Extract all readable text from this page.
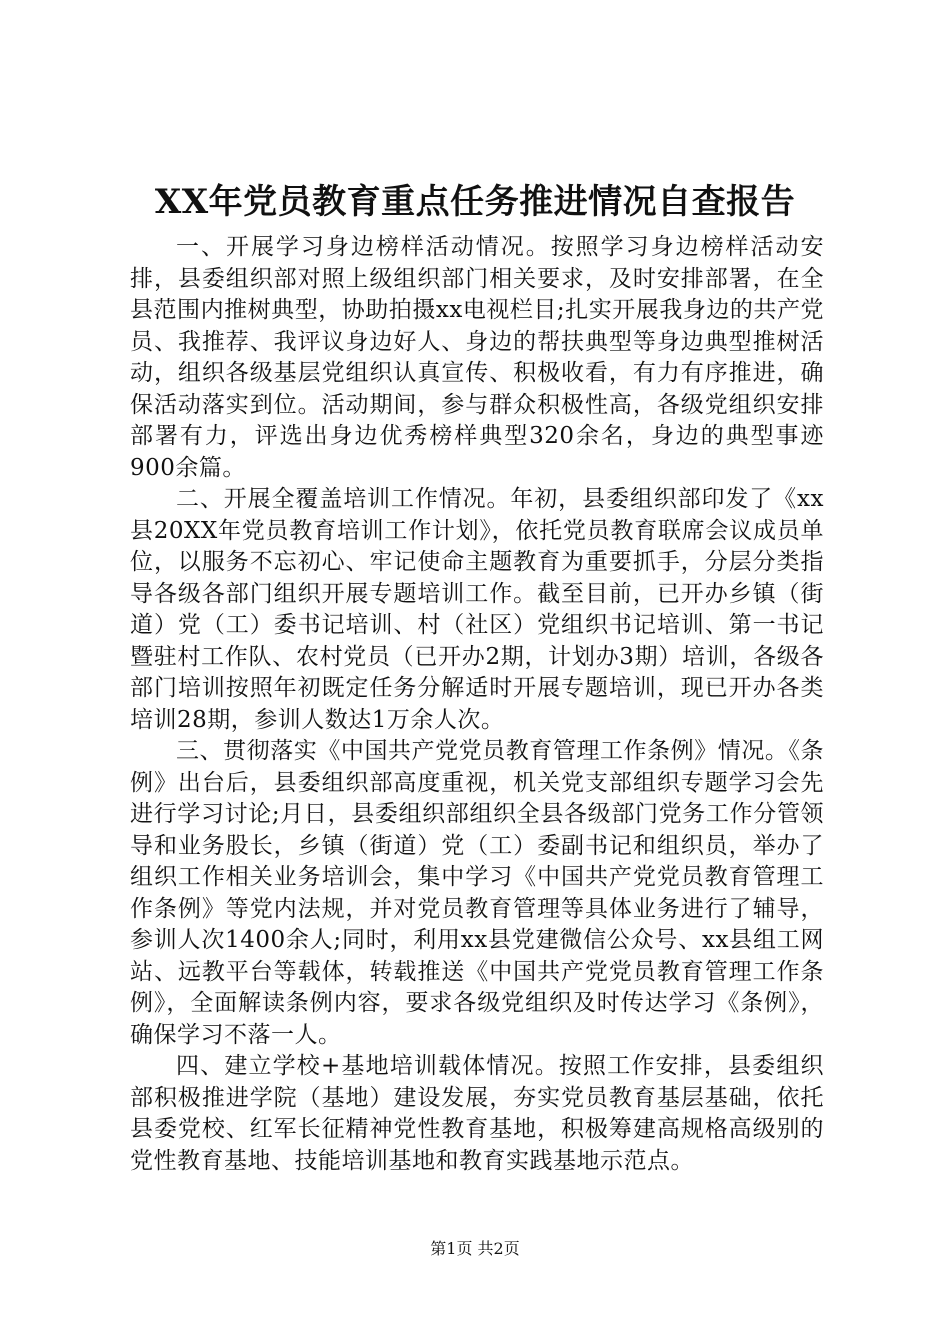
XX年党员教育重点任务推进情况自查报告

一、开展学习身边榜样活动情况。按照学习身边榜样活动安排，县委组织部对照上级组织部门相关要求，及时安排部署，在全县范围内推树典型，协助拍摄xx电视栏目;扎实开展我身边的共产党员、我推荐、我评议身边好人、身边的帮扶典型等身边典型推树活动，组织各级基层党组织认真宣传、积极收看，有力有序推进，确保活动落实到位。活动期间，参与群众积极性高，各级党组织安排部署有力，评选出身边优秀榜样典型320余名，身边的典型事迹900余篇。

二、开展全覆盖培训工作情况。年初，县委组织部印发了《xx县20XX年党员教育培训工作计划》，依托党员教育联席会议成员单位，以服务不忘初心、牢记使命主题教育为重要抓手，分层分类指导各级各部门组织开展专题培训工作。截至目前，已开办乡镇（街道）党（工）委书记培训、村（社区）党组织书记培训、第一书记暨驻村工作队、农村党员（已开办2期，计划办3期）培训，各级各部门培训按照年初既定任务分解适时开展专题培训，现已开办各类培训28期，参训人数达1万余人次。

三、贯彻落实《中国共产党党员教育管理工作条例》情况。《条例》出台后，县委组织部高度重视，机关党支部组织专题学习会先进行学习讨论;月日，县委组织部组织全县各级部门党务工作分管领导和业务股长，乡镇（街道）党（工）委副书记和组织员，举办了组织工作相关业务培训会，集中学习《中国共产党党员教育管理工作条例》等党内法规，并对党员教育管理等具体业务进行了辅导，参训人次1400余人;同时，利用xx县党建微信公众号、xx县组工网站、远教平台等载体，转载推送《中国共产党党员教育管理工作条例》，全面解读条例内容，要求各级党组织及时传达学习《条例》，确保学习不落一人。

四、建立学校+基地培训载体情况。按照工作安排，县委组织部积极推进学院（基地）建设发展，夯实党员教育基层基础，依托县委党校、红军长征精神党性教育基地，积极筹建高规格高级别的党性教育基地、技能培训基地和教育实践基地示范点。

第1页 共2页
